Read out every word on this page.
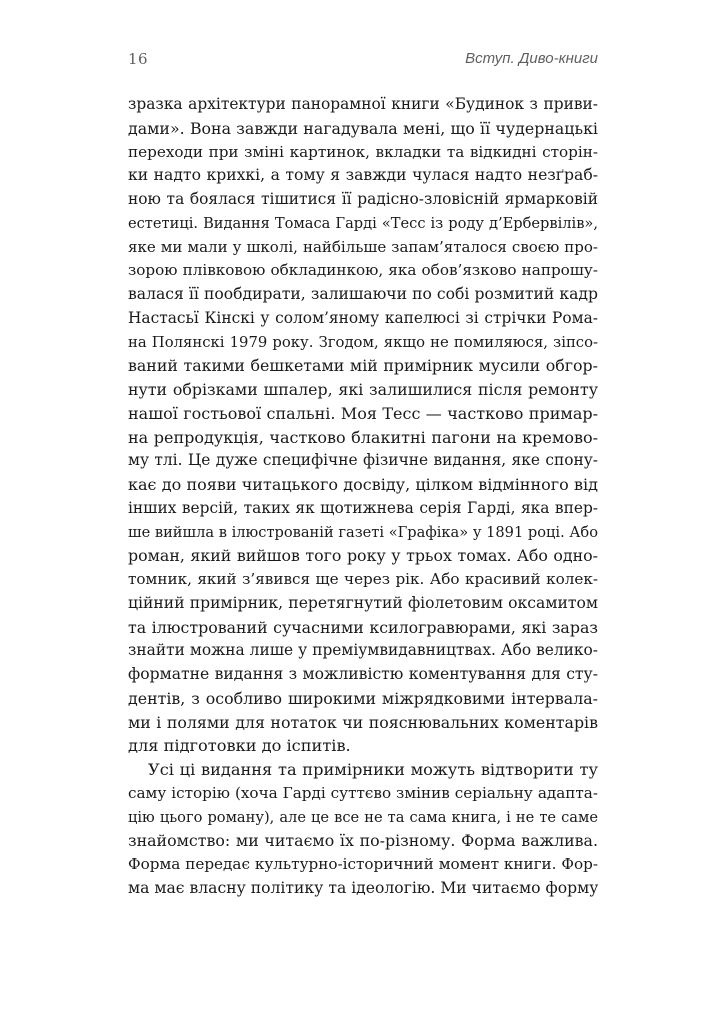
16	Вступ. Диво-книги
зразка архітектури панорамної книги «Будинок з приви-
дами». Вона завжди нагадувала мені, що її чудернацькі
переходи при зміні картинок, вкладки та відкидні сторін-
ки надто крихкі, а тому я завжди чулася надто незґраб-
ною та боялася тішитися її радісно-зловісній ярмарковій
естетиці. Видання Томаса Гарді «Тесс із роду д’Ербервілів»,
яке ми мали у школі, найбільше запам’яталося своєю про-
зорою плівковою обкладинкою, яка обов’язково напрошу-
валася її пообдирати, залишаючи по собі розмитий кадр
Настасьї Кінскі у солом’яному капелюсі зі стрічки Рома-
на Полянскі 1979 року. Згодом, якщо не помиляюся, зіпсо-
ваний такими бешкетами мій примірник мусили обгор-
нути обрізками шпалер, які залишилися після ремонту
нашої гостьової спальні. Моя Тесс — частково примар-
на репродукція, частково блакитні пагони на кремово-
му тлі. Це дуже специфічне фізичне видання, яке спону-
кає до появи читацького досвіду, цілком відмінного від
інших версій, таких як щотижнева серія Гарді, яка впер-
ше вийшла в ілюстрованій газеті «Графіка» у 1891 році. Або
роман, який вийшов того року у трьох томах. Або одно-
томник, який з’явився ще через рік. Або красивий колек-
ційний примірник, перетягнутий фіолетовим оксамитом
та ілюстрований сучасними ксилогравюрами, які зараз
знайти можна лише у преміумвидавництвах. Або велико-
форматне видання з можливістю коментування для сту-
дентів, з особливо широкими міжрядковими інтервала-
ми і полями для нотаток чи пояснювальних коментарів
для підготовки до іспитів.
Усі ці видання та примірники можуть відтворити ту
саму історію (хоча Гарді суттєво змінив серіальну адапта-
цію цього роману), але це все не та сама книга, і не те саме
знайомство: ми читаємо їх по-різному. Форма важлива.
Форма передає культурно-історичний момент книги. Фор-
ма має власну політику та ідеологію. Ми читаємо форму
